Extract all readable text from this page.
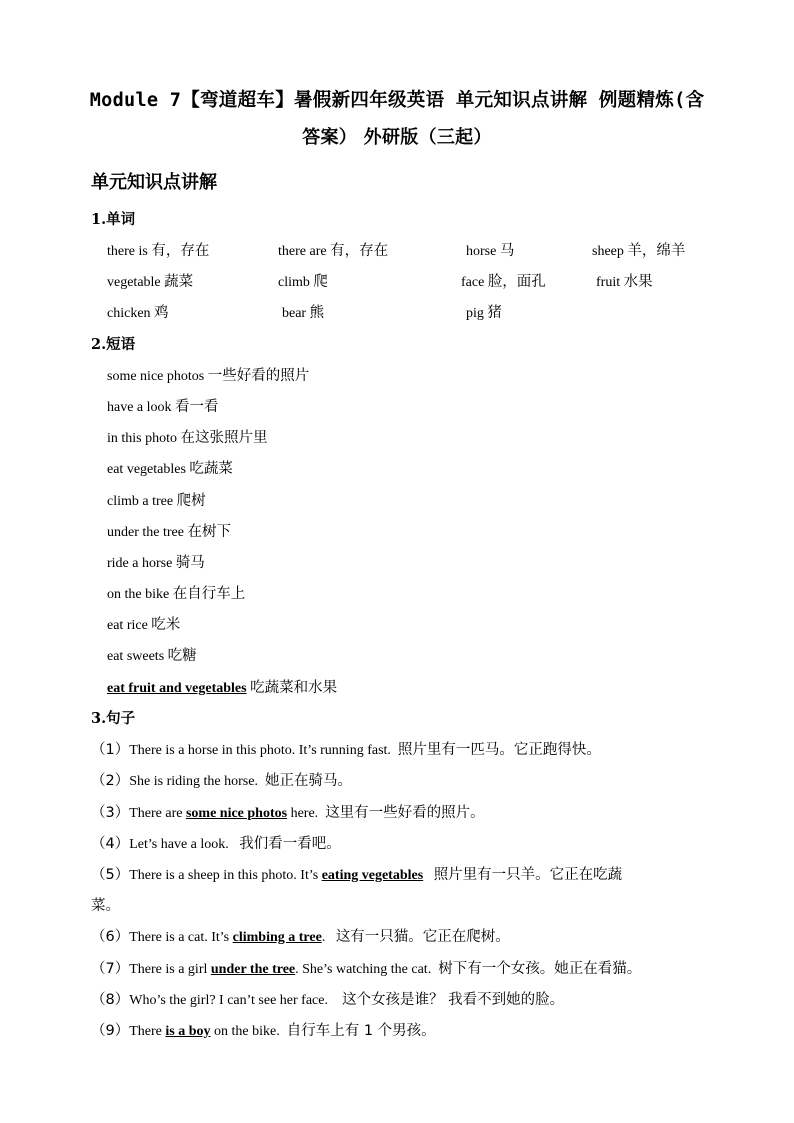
Module 7【弯道超车】暑假新四年级英语 单元知识点讲解 例题精炼(含
答案） 外研版（三起）
单元知识点讲解
1.单词
there is 有，存在	there are 有，存在	horse 马	sheep 羊，绵羊
vegetable 蔬菜	climb 爬	face 脸，面孔	fruit 水果
chicken 鸡	bear 熊	pig 猪
2.短语
some nice photos 一些好看的照片
have a look 看一看
in this photo 在这张照片里
eat vegetables 吃蔬菜
climb a tree 爬树
under the tree 在树下
ride a horse 骑马
on the bike 在自行车上
eat rice 吃米
eat sweets 吃糖
eat fruit and vegetables 吃蔬菜和水果
3.句子
（1）There is a horse in this photo. It’s running fast. 照片里有一匹马。它正跑得快。
（2）She is riding the horse. 她正在骑马。
（3）There are some nice photos here. 这里有一些好看的照片。
（4）Let’s have a look. 我们看一看吧。
（5）There is a sheep in this photo. It’s eating vegetables 照片里有一只羊。它正在吃蔬
菜。
（6）There is a cat. It’s climbing a tree. 这有一只猫。它正在爬树。
（7）There is a girl under the tree. She’s watching the cat. 树下有一个女孩。她正在看猫。
（8）Who’s the girl? I can’t see her face. 这个女孩是谁？ 我看不到她的脸。
（9）There is a boy on the bike. 自行车上有 1 个男孩。
